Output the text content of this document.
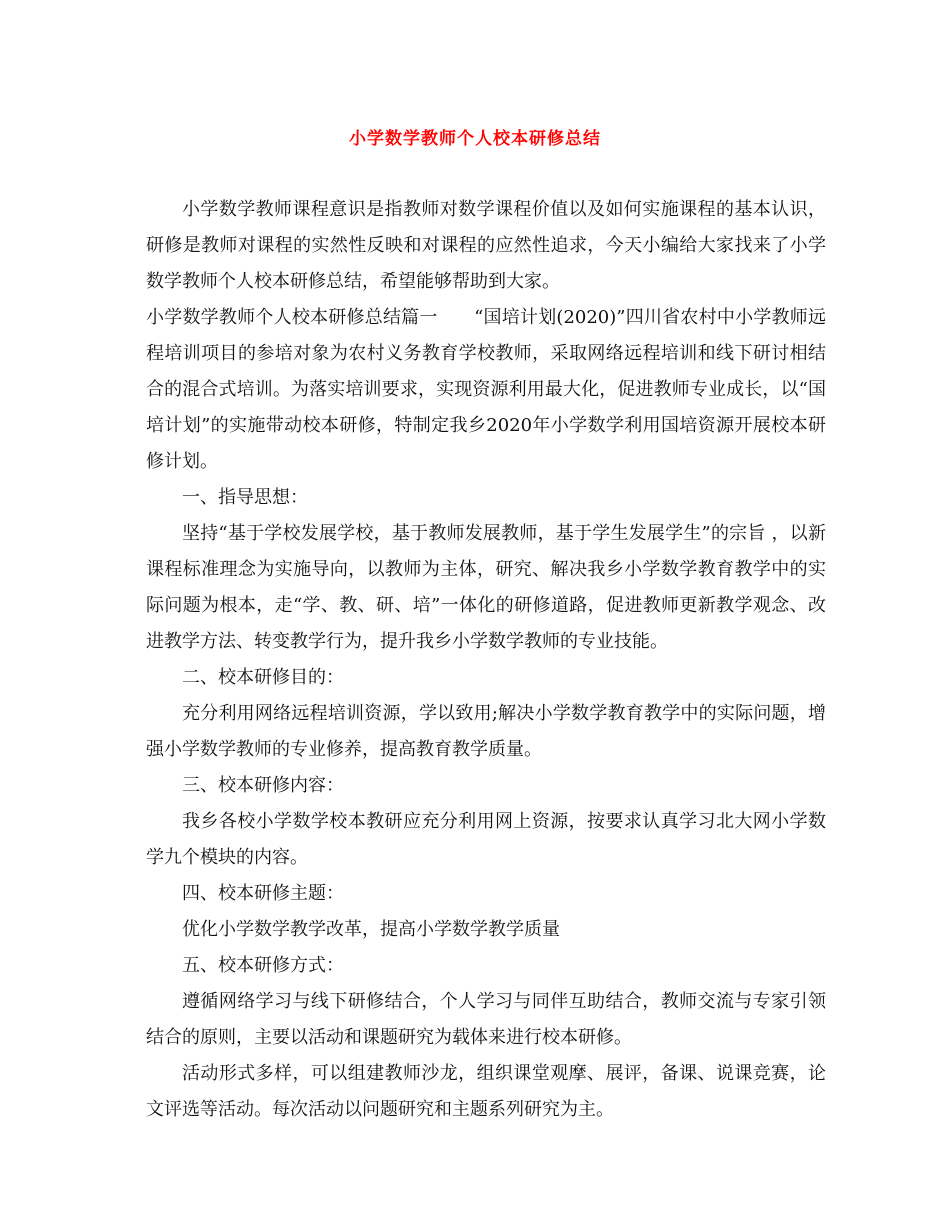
小学数学教师个人校本研修总结

小学数学教师课程意识是指教师对数学课程价值以及如何实施课程的基本认识，研修是教师对课程的实然性反映和对课程的应然性追求，今天小编给大家找来了小学数学教师个人校本研修总结，希望能够帮助到大家。

小学数学教师个人校本研修总结篇一　　“国培计划(2020)”四川省农村中小学教师远程培训项目的参培对象为农村义务教育学校教师，采取网络远程培训和线下研讨相结合的混合式培训。为落实培训要求，实现资源利用最大化，促进教师专业成长，以“国培计划”的实施带动校本研修，特制定我乡2020年小学数学利用国培资源开展校本研修计划。

一、指导思想：

坚持“基于学校发展学校，基于教师发展教师，基于学生发展学生”的宗旨 ，以新课程标准理念为实施导向，以教师为主体，研究、解决我乡小学数学教育教学中的实际问题为根本，走“学、教、研、培”一体化的研修道路，促进教师更新教学观念、改进教学方法、转变教学行为，提升我乡小学数学教师的专业技能。

二、校本研修目的：

充分利用网络远程培训资源，学以致用;解决小学数学教育教学中的实际问题，增强小学数学教师的专业修养，提高教育教学质量。

三、校本研修内容：

我乡各校小学数学校本教研应充分利用网上资源，按要求认真学习北大网小学数学九个模块的内容。

四、校本研修主题：

优化小学数学教学改革，提高小学数学教学质量

五、校本研修方式：

遵循网络学习与线下研修结合，个人学习与同伴互助结合，教师交流与专家引领结合的原则，主要以活动和课题研究为载体来进行校本研修。

活动形式多样，可以组建教师沙龙，组织课堂观摩、展评，备课、说课竞赛，论文评选等活动。每次活动以问题研究和主题系列研究为主。
